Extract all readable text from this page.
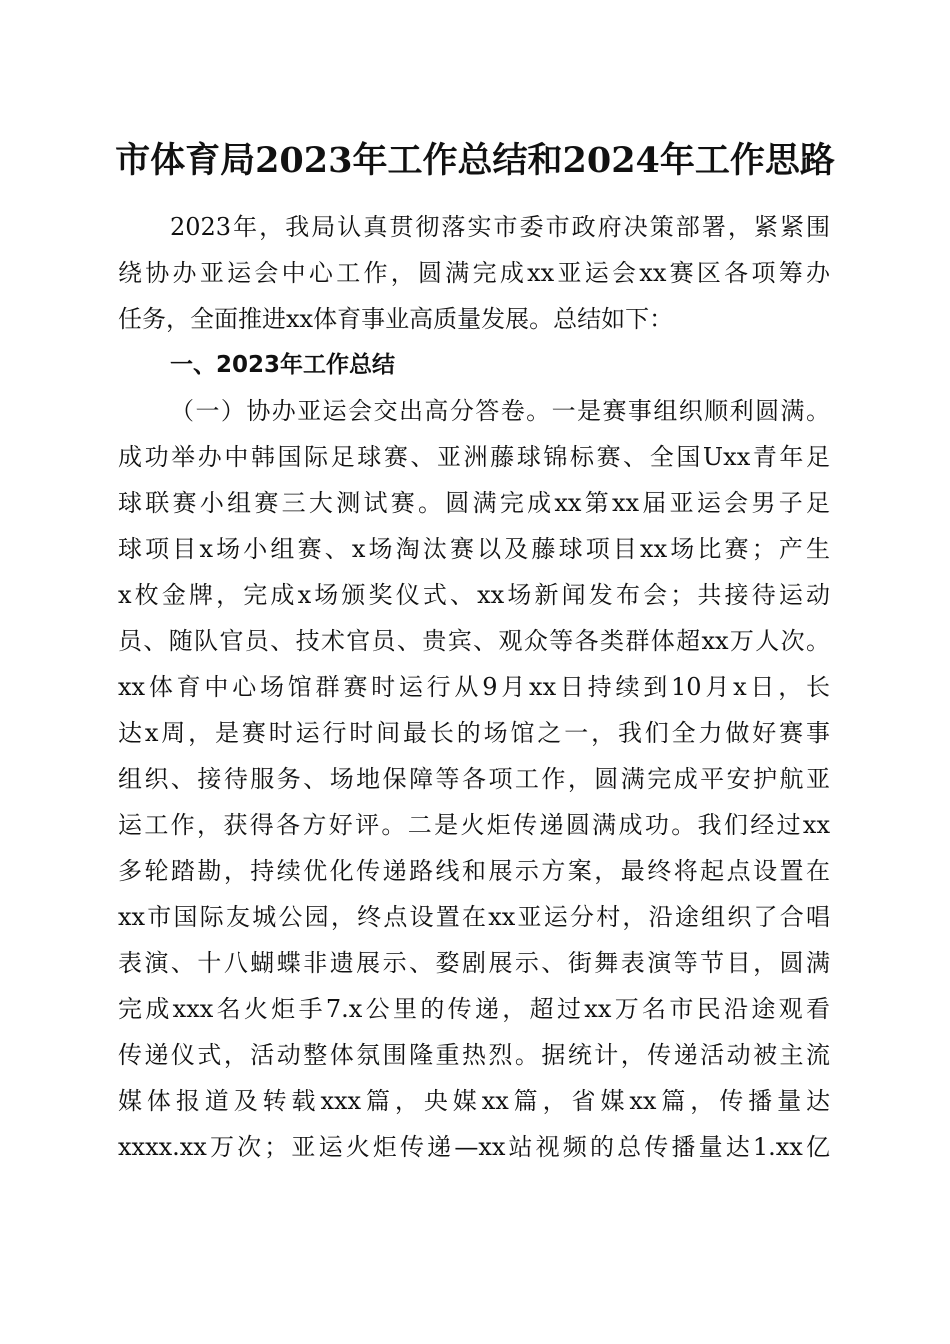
市体育局2023年工作总结和2024年工作思路
2023年，我局认真贯彻落实市委市政府决策部署，紧紧围
绕协办亚运会中心工作，圆满完成xx亚运会xx赛区各项筹办
任务，全面推进xx体育事业高质量发展。总结如下：
一、2023年工作总结
（一）协办亚运会交出高分答卷。一是赛事组织顺利圆满。
成功举办中韩国际足球赛、亚洲藤球锦标赛、全国Uxx青年足
球联赛小组赛三大测试赛。圆满完成xx第xx届亚运会男子足
球项目x场小组赛、x场淘汰赛以及藤球项目xx场比赛；产生
x枚金牌，完成x场颁奖仪式、xx场新闻发布会；共接待运动
员、随队官员、技术官员、贵宾、观众等各类群体超xx万人次。
xx体育中心场馆群赛时运行从9月xx日持续到10月x日，长
达x周，是赛时运行时间最长的场馆之一，我们全力做好赛事
组织、接待服务、场地保障等各项工作，圆满完成平安护航亚
运工作，获得各方好评。二是火炬传递圆满成功。我们经过xx
多轮踏勘，持续优化传递路线和展示方案，最终将起点设置在
xx市国际友城公园，终点设置在xx亚运分村，沿途组织了合唱
表演、十八蝴蝶非遗展示、婺剧展示、街舞表演等节目，圆满
完成xxx名火炬手7.x公里的传递，超过xx万名市民沿途观看
传递仪式，活动整体氛围隆重热烈。据统计，传递活动被主流
媒体报道及转载xxx篇，央媒xx篇，省媒xx篇，传播量达
xxxx.xx万次；亚运火炬传递—xx站视频的总传播量达1.xx亿
